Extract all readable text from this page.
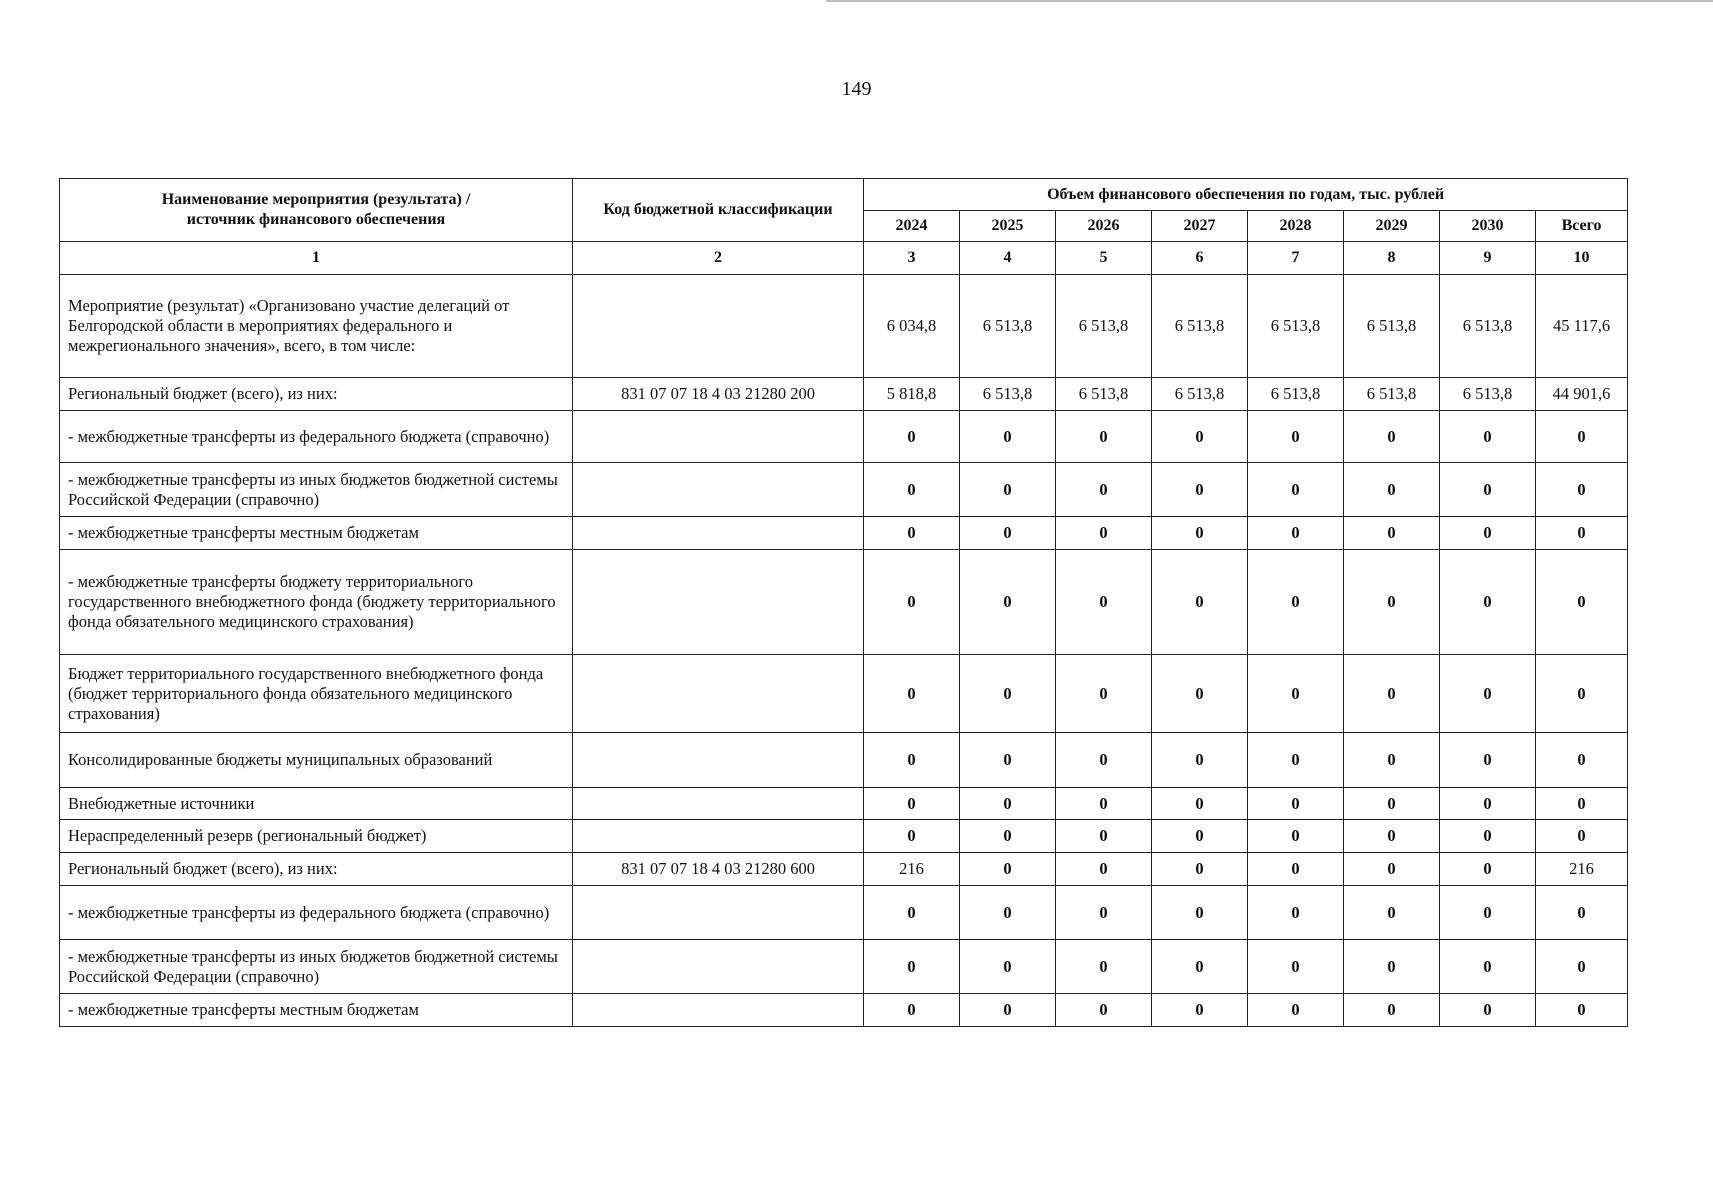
149
Наименование мероприятия (результата) / источник финансового обеспечения	Код бюджетной классификации	Объем финансового обеспечения по годам, тыс. рублей							
		2024	2025	2026	2027	2028	2029	2030	Всего
1	2	3	4	5	6	7	8	9	10
Мероприятие (результат) «Организовано участие делегаций от Белгородской области в мероприятиях федерального и межрегионального значения», всего, в том числе:		6 034,8	6 513,8	6 513,8	6 513,8	6 513,8	6 513,8	6 513,8	45 117,6
Региональный бюджет (всего), из них:	831 07 07 18 4 03 21280 200	5 818,8	6 513,8	6 513,8	6 513,8	6 513,8	6 513,8	6 513,8	44 901,6
- межбюджетные трансферты из федерального бюджета (справочно)		0	0	0	0	0	0	0	0
- межбюджетные трансферты из иных бюджетов бюджетной системы Российской Федерации (справочно)		0	0	0	0	0	0	0	0
- межбюджетные трансферты местным бюджетам		0	0	0	0	0	0	0	0
- межбюджетные трансферты бюджету территориального государственного внебюджетного фонда (бюджету территориального фонда обязательного медицинского страхования)		0	0	0	0	0	0	0	0
Бюджет территориального государственного внебюджетного фонда (бюджет территориального фонда обязательного медицинского страхования)		0	0	0	0	0	0	0	0
Консолидированные бюджеты муниципальных образований		0	0	0	0	0	0	0	0
Внебюджетные источники		0	0	0	0	0	0	0	0
Нераспределенный резерв (региональный бюджет)		0	0	0	0	0	0	0	0
Региональный бюджет (всего), из них:	831 07 07 18 4 03 21280 600	216	0	0	0	0	0	0	216
- межбюджетные трансферты из федерального бюджета (справочно)		0	0	0	0	0	0	0	0
- межбюджетные трансферты из иных бюджетов бюджетной системы Российской Федерации (справочно)		0	0	0	0	0	0	0	0
- межбюджетные трансферты местным бюджетам		0	0	0	0	0	0	0	0
